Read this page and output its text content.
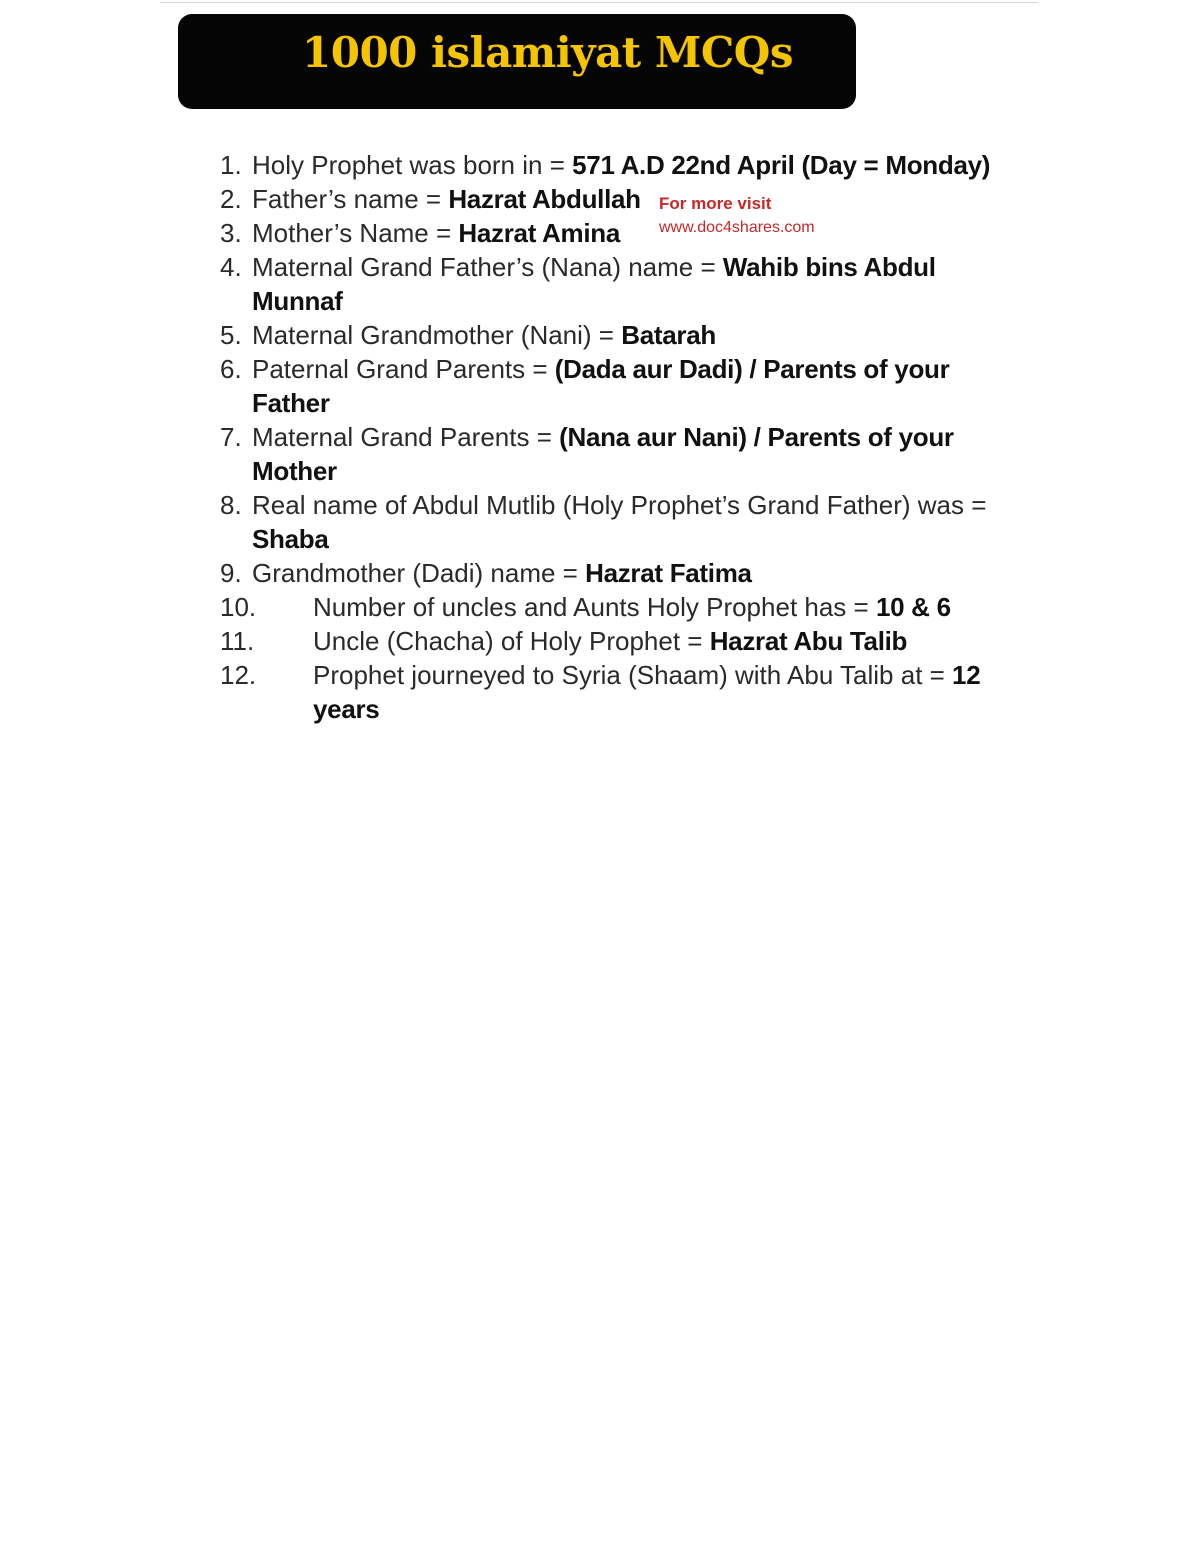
1000 islamiyat MCQs
For more visit
www.doc4shares.com
1. Holy Prophet was born in = 571 A.D 22nd April (Day = Monday)
2. Father’s name = Hazrat Abdullah
3. Mother’s Name = Hazrat Amina
4. Maternal Grand Father’s (Nana) name = Wahib bins Abdul Munnaf
5. Maternal Grandmother (Nani) = Batarah
6. Paternal Grand Parents = (Dada aur Dadi) / Parents of your Father
7. Maternal Grand Parents = (Nana aur Nani) / Parents of your Mother
8. Real name of Abdul Mutlib (Holy Prophet’s Grand Father) was = Shaba
9. Grandmother (Dadi) name = Hazrat Fatima
10. Number of uncles and Aunts Holy Prophet has = 10 & 6
11. Uncle (Chacha) of Holy Prophet = Hazrat Abu Talib
12. Prophet journeyed to Syria (Shaam) with Abu Talib at = 12 years
